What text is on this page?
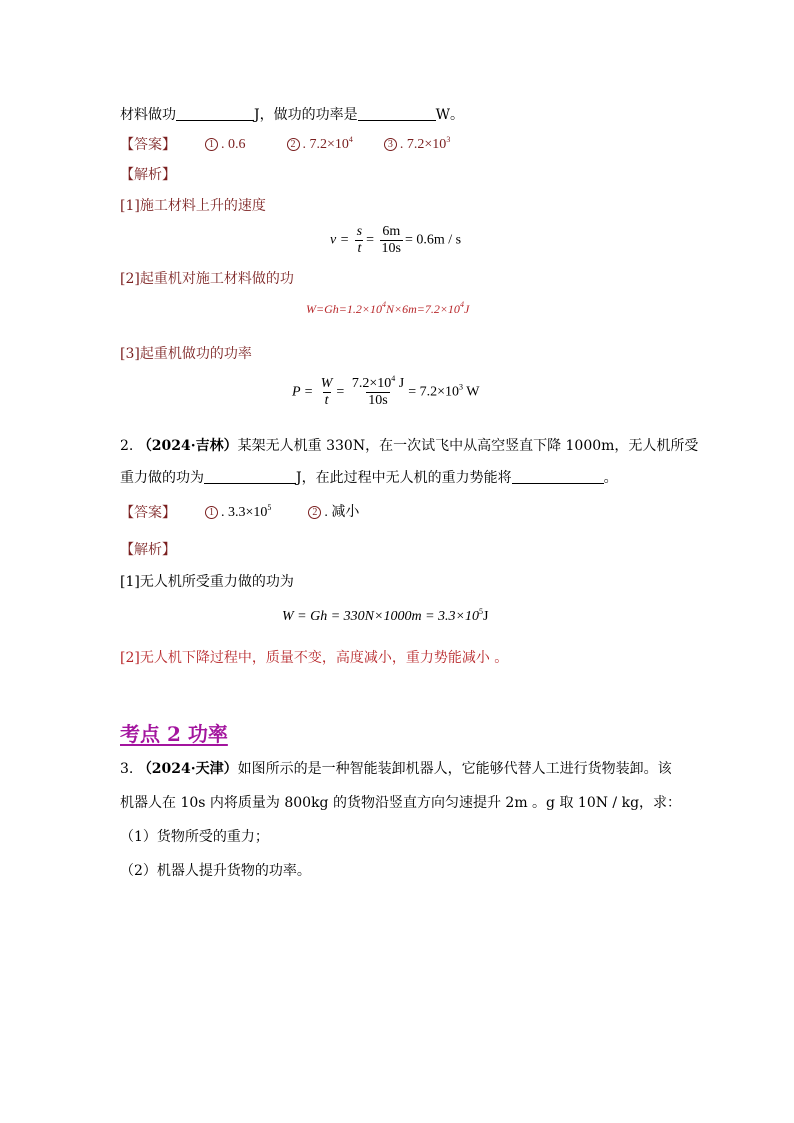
材料做功	J，做功的功率是	W。
【答案】	1 . 0.6	2 . $7.2\times 10^4$	3 . $7.2\times 10^3$
【解析】
[1]施工材料上升的速度
$v = \frac{s}{t} = \frac{6m}{10s} = 0.6m / s$
[2]起重机对施工材料做的功
$W=Gh=1.2\times 10^4N\times 6m=7.2\times 10^4J$
[3]起重机做功的功率
$P = \frac{W}{t} = \frac{7.2\times 10^4 J}{10s} = 7.2\times 10^3$ W
2. （2024·吉林）某架无人机重 330N，在一次试飞中从高空竖直下降 1000m，无人机所受
重力做的功为	J，在此过程中无人机的重力势能将	。
【答案】	1 . $3.3\times 10^5$	2 . 减小
【解析】
[1]无人机所受重力做的功为
$W = Gh = 330N\times 1000m = 3.3\times 10^5J$
[2]无人机下降过程中，质量不变，高度减小，重力势能减小 。
考点 2 功率
3. （2024·天津）如图所示的是一种智能装卸机器人，它能够代替人工进行货物装卸。该
机器人在 10s 内将质量为 800kg 的货物沿竖直方向匀速提升 2m 。g 取 10N / kg，求：
（1）货物所受的重力；
（2）机器人提升货物的功率。
